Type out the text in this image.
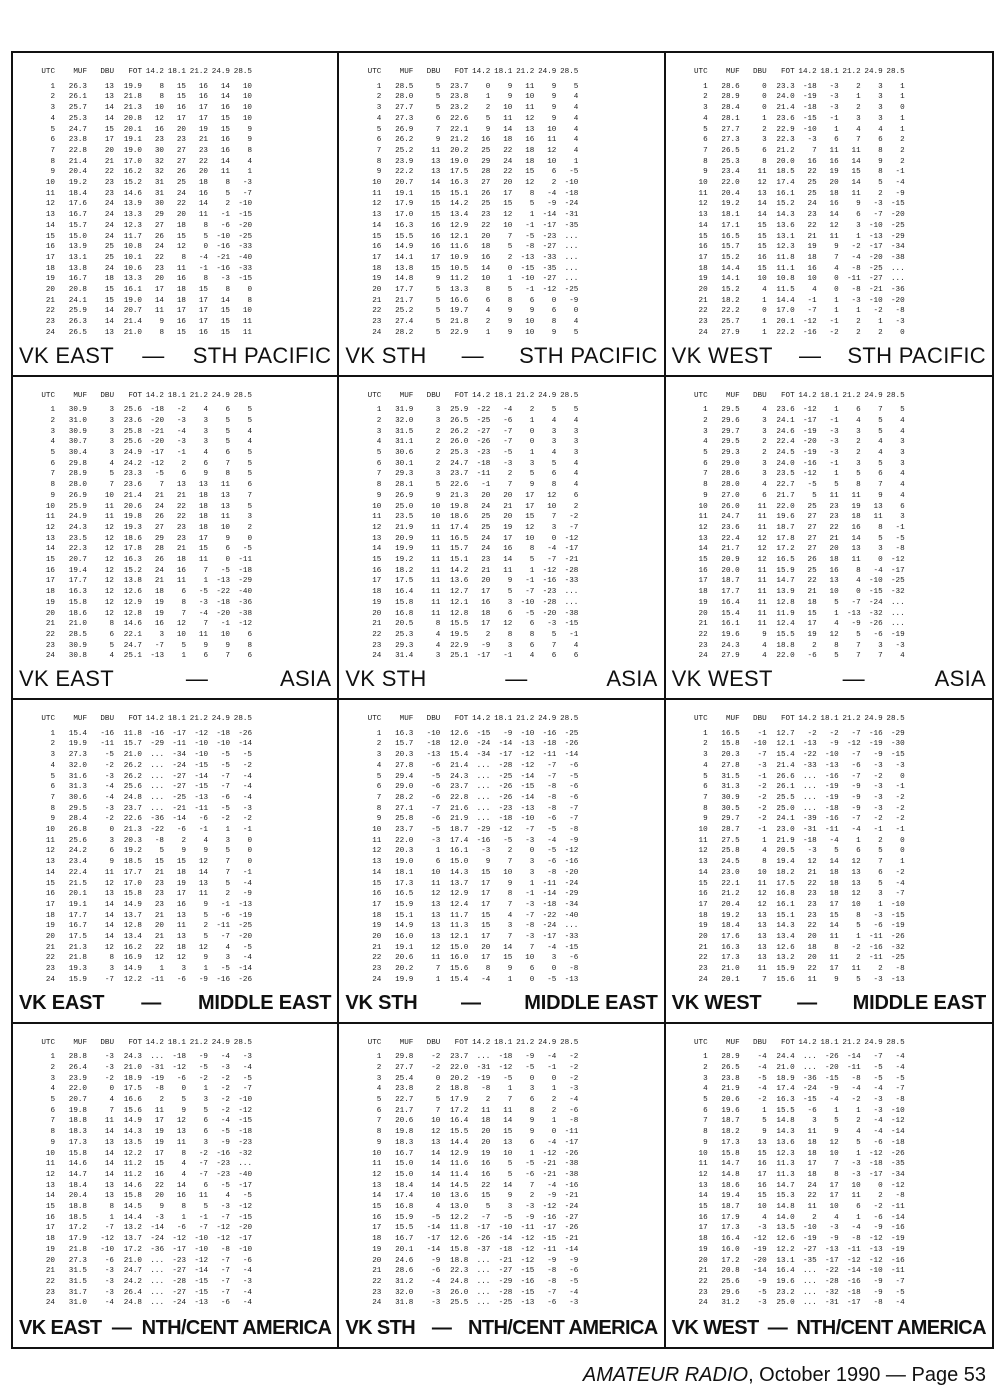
UTC	MUF	DBU	FOT	14.2	18.1	21.2	24.9	28.5
1	26.3	13	19.9	8	15	16	14	10
2	26.1	13	21.8	8	15	16	14	10
3	25.7	14	21.3	10	16	17	16	10
4	25.3	14	20.8	12	17	17	15	10
5	24.7	15	20.1	16	20	19	15	9
6	23.8	17	19.1	23	23	21	16	9
7	22.8	20	19.0	30	27	23	16	8
8	21.4	21	17.0	32	27	22	14	4
9	20.4	22	16.2	32	26	20	11	1
10	19.2	23	15.2	31	25	18	8	-3
11	18.4	23	14.6	31	24	16	5	-7
12	17.6	24	13.9	30	22	14	2	-10
13	16.7	24	13.3	29	20	11	-1	-15
14	15.7	24	12.3	27	18	8	-6	-20
15	15.0	24	11.7	26	15	5	-10	-25
16	13.9	25	10.8	24	12	0	-16	-33
17	13.1	25	10.1	22	8	-4	-21	-40
18	13.8	24	10.6	23	11	-1	-16	-33
19	16.7	18	13.3	20	16	8	-3	-15
20	20.8	15	16.1	17	18	15	8	0
21	24.1	15	19.0	14	18	17	14	8
22	25.9	14	20.7	11	17	17	15	10
23	26.3	14	21.4	9	16	17	15	11
24	26.5	13	21.0	8	15	16	15	11
VK EAST — STH PACIFIC
UTC	MUF	DBU	FOT	14.2	18.1	21.2	24.9	28.5
1	28.5	5	23.7	0	9	11	9	5
2	28.0	5	23.8	1	9	10	9	4
3	27.7	5	23.2	2	10	11	9	4
4	27.3	6	22.6	5	11	12	9	4
5	26.9	7	22.1	9	14	13	10	4
6	26.2	9	21.2	16	18	16	11	4
7	25.2	11	20.2	25	22	18	12	4
8	23.9	13	19.0	29	24	18	10	1
9	22.2	13	17.5	28	22	15	6	-5
10	20.7	14	16.3	27	20	12	2	-10
11	19.1	15	15.1	26	17	8	-4	-18
12	17.9	15	14.2	25	15	5	-9	-24
13	17.0	15	13.4	23	12	1	-14	-31
14	16.3	16	12.9	22	10	-1	-17	-35
15	15.5	16	12.1	20	7	-5	-23	...
16	14.9	16	11.6	18	5	-8	-27	...
17	14.1	17	10.9	16	2	-13	-33	...
18	13.8	15	10.5	14	0	-15	-35	...
19	14.8	9	11.2	10	1	-10	-27	...
20	17.7	5	13.3	8	5	-1	-12	-25
21	21.7	5	16.6	6	8	6	0	-9
22	25.2	5	19.7	4	9	9	6	0
23	27.4	5	21.8	2	9	10	8	4
24	28.2	5	22.9	1	9	10	9	5
VK STH — STH PACIFIC
UTC	MUF	DBU	FOT	14.2	18.1	21.2	24.9	28.5
1	28.6	0	23.3	-18	-3	2	3	1
2	28.9	0	24.0	-19	-3	1	3	1
3	28.4	0	21.4	-18	-3	2	3	0
4	28.1	1	23.6	-15	-1	3	3	1
5	27.7	2	22.9	-10	1	4	4	1
6	27.3	3	22.3	-3	6	7	6	2
7	26.5	6	21.2	7	11	11	8	2
8	25.3	8	20.0	16	16	14	9	2
9	23.4	11	18.5	22	19	15	8	-1
10	22.0	12	17.4	25	20	14	5	-4
11	20.4	13	16.1	25	18	11	2	-9
12	19.2	14	15.2	24	16	9	-3	-15
13	18.1	14	14.3	23	14	6	-7	-20
14	17.1	15	13.6	22	12	3	-10	-25
15	16.5	15	13.1	21	11	1	-13	-29
16	15.7	15	12.3	19	9	-2	-17	-34
17	15.2	16	11.8	18	7	-4	-20	-38
18	14.4	15	11.1	16	4	-8	-25	...
19	14.1	10	10.8	10	0	-11	-27	...
20	15.2	4	11.5	4	0	-8	-21	-36
21	18.2	1	14.4	-1	1	-3	-10	-20
22	22.2	0	17.0	-7	1	1	-2	-8
23	25.7	1	20.1	-12	-1	2	1	-3
24	27.9	1	22.2	-16	-2	2	2	0
VK WEST — STH PACIFIC
UTC	MUF	DBU	FOT	14.2	18.1	21.2	24.9	28.5
1	30.9	3	25.6	-18	-2	4	6	5
2	31.0	3	23.6	-20	-3	3	5	5
3	30.9	3	25.8	-21	-4	3	5	4
4	30.7	3	25.6	-20	-3	3	5	4
5	30.4	3	24.9	-17	-1	4	6	5
6	29.8	4	24.2	-12	2	6	7	5
7	28.9	5	23.3	-5	6	9	8	5
8	28.0	7	23.6	7	13	13	11	6
9	26.9	10	21.4	21	21	18	13	7
10	25.9	11	20.6	24	22	18	13	5
11	24.9	11	19.8	26	22	18	11	3
12	24.3	12	19.3	27	23	18	10	2
13	23.5	12	18.6	29	23	17	9	0
14	22.3	12	17.8	28	21	15	6	-5
15	20.7	12	16.3	26	18	11	0	-11
16	19.4	12	15.2	24	16	7	-5	-18
17	17.7	12	13.8	21	11	1	-13	-29
18	16.3	12	12.6	18	6	-5	-22	-40
19	15.8	12	12.9	19	8	-3	-18	-36
20	18.6	12	12.8	19	7	-4	-20	-38
21	21.0	8	14.6	16	12	7	-1	-12
22	28.5	6	22.1	3	10	11	10	6
23	30.9	5	24.7	-7	5	9	9	8
24	30.8	4	25.1	-13	1	6	7	6
VK EAST	—	ASIA
UTC	MUF	DBU	FOT	14.2	18.1	21.2	24.9	28.5
1	31.9	3	25.9	-22	-4	2	5	5
2	32.0	3	26.5	-25	-6	1	4	4
3	31.5	2	26.2	-27	-7	0	3	3
4	31.1	2	26.0	-26	-7	0	3	3
5	30.6	2	25.3	-23	-5	1	4	3
6	30.1	2	24.7	-18	-3	3	5	4
7	29.3	3	23.7	-11	2	5	6	4
8	28.1	5	22.6	-1	7	9	8	4
9	26.9	9	21.3	20	20	17	12	6
10	25.0	10	19.8	24	21	17	10	2
11	23.5	10	18.6	25	20	15	7	-2
12	21.9	11	17.4	25	19	12	3	-7
13	20.9	11	16.5	24	17	10	0	-12
14	19.9	11	15.7	24	16	8	-4	-17
15	19.2	11	15.1	23	14	5	-7	-21
16	18.2	11	14.2	21	11	1	-12	-28
17	17.5	11	13.6	20	9	-1	-16	-33
18	16.4	11	12.7	17	5	-7	-23	...
19	15.8	11	12.1	16	3	-10	-28	...
20	16.8	11	12.8	18	6	-5	-20	-38
21	20.5	8	15.5	17	12	6	-3	-15
22	25.3	4	19.5	2	8	8	5	-1
23	29.3	4	22.9	-9	3	6	7	4
24	31.4	3	25.1	-17	-1	4	6	6
VK STH	—	ASIA
UTC	MUF	DBU	FOT	14.2	18.1	21.2	24.9	28.5
1	29.5	4	23.6	-12	1	6	7	5
2	29.6	3	24.1	-17	-1	4	5	4
3	29.7	3	24.6	-19	-3	3	5	4
4	29.5	2	22.4	-20	-3	2	4	3
5	29.3	2	24.5	-19	-3	2	4	3
6	29.0	3	24.0	-16	-1	3	5	3
7	28.6	3	23.5	-12	1	5	6	4
8	28.0	4	22.7	-5	5	8	7	4
9	27.0	6	21.7	5	11	11	9	4
10	26.0	11	22.0	25	23	19	13	6
11	24.7	11	19.6	27	23	18	11	3
12	23.6	11	18.7	27	22	16	8	-1
13	22.4	12	17.8	27	21	14	5	-5
14	21.7	12	17.2	27	20	13	3	-8
15	20.9	12	16.5	26	18	11	0	-12
16	20.0	11	15.9	25	16	8	-4	-17
17	18.7	11	14.7	22	13	4	-10	-25
18	17.7	11	13.9	21	10	0	-15	-32
19	16.4	11	12.8	18	5	-7	-24	...
20	15.4	11	11.9	15	1	-13	-32	...
21	16.1	11	12.4	17	4	-9	-26	...
22	19.6	9	15.5	19	12	5	-6	-19
23	24.3	4	18.8	2	8	7	3	-3
24	27.9	4	22.0	-6	5	7	7	4
VK WEST	—	ASIA
UTC	MUF	DBU	FOT	14.2	18.1	21.2	24.9	28.5
1	15.4	-16	11.8	-16	-17	-12	-18	-26
2	19.9	-11	15.7	-29	-11	-10	-10	-14
3	27.3	-5	21.0	...	-34	-10	-5	-5
4	32.0	-2	26.2	...	-24	-15	-5	-2
5	31.6	-3	26.2	...	-27	-14	-7	-4
6	31.3	-4	25.6	...	-27	-15	-7	-4
7	30.6	-4	24.8	...	-25	-13	-6	-4
8	29.5	-3	23.7	...	-21	-11	-5	-3
9	28.4	-2	22.6	-36	-14	-6	-2	-2
10	26.8	0	21.3	-22	-6	-1	1	-1
11	25.6	3	20.3	-8	2	4	3	0
12	24.2	6	19.2	5	9	9	5	0
13	23.4	9	18.5	15	15	12	7	0
14	22.4	11	17.7	21	18	14	7	-1
15	21.5	12	17.0	23	19	13	5	-4
16	20.1	13	15.8	23	17	11	2	-9
17	19.1	14	14.9	23	16	9	-1	-13
18	17.7	14	13.7	21	13	5	-6	-19
19	16.7	14	12.8	20	11	2	-11	-25
20	17.5	14	13.4	21	13	5	-7	-20
21	21.3	12	16.2	22	18	12	4	-5
22	21.8	8	16.9	12	12	9	3	-4
23	19.3	3	14.9	1	3	1	-5	-14
24	15.9	-7	12.2	-11	-6	-9	-16	-26
VK EAST — MIDDLE EAST
UTC	MUF	DBU	FOT	14.2	18.1	21.2	24.9	28.5
1	16.3	-10	12.6	-15	-9	-10	-16	-25
2	15.7	-18	12.0	-24	-14	-13	-18	-26
3	20.3	-13	15.4	-34	-17	-12	-11	-14
4	27.8	-6	21.4	...	-28	-12	-7	-6
5	29.4	-5	24.3	...	-25	-14	-7	-5
6	29.0	-6	23.7	...	-26	-15	-8	-6
7	28.2	-6	22.8	...	-26	-14	-8	-6
8	27.1	-7	21.6	...	-23	-13	-8	-7
9	25.8	-6	21.9	...	-18	-10	-6	-7
10	23.7	-5	18.7	-29	-12	-7	-5	-8
11	22.0	-3	17.4	-16	-5	-3	-4	-9
12	20.3	1	16.1	-3	2	0	-5	-12
13	19.0	6	15.0	9	7	3	-6	-16
14	18.1	10	14.3	15	10	3	-8	-20
15	17.3	11	13.7	17	9	1	-11	-24
16	16.5	12	12.9	17	8	-1	-14	-29
17	15.9	13	12.4	17	7	-3	-18	-34
18	15.1	13	11.7	15	4	-7	-22	-40
19	14.9	13	11.3	15	3	-8	-24	...
20	16.0	13	12.1	17	7	-3	-17	-33
21	19.1	12	15.0	20	14	7	-4	-15
22	20.6	11	16.0	17	15	10	3	-6
23	20.2	7	15.6	8	9	6	0	-8
24	19.9	1	15.4	-4	1	0	-5	-13
VK STH — MIDDLE EAST
UTC	MUF	DBU	FOT	14.2	18.1	21.2	24.9	28.5
1	16.5	-1	12.7	-2	-2	-7	-16	-29
2	15.8	-10	12.1	-13	-9	-12	-19	-30
3	20.3	-7	15.4	-22	-10	-7	-9	-15
4	27.8	-3	21.4	-33	-13	-6	-3	-3
5	31.5	-1	26.6	...	-16	-7	-2	0
6	31.3	-2	26.1	...	-19	-9	-3	-1
7	30.9	-2	25.5	...	-19	-9	-3	-2
8	30.5	-2	25.0	...	-18	-9	-3	-2
9	29.7	-2	24.1	-39	-16	-7	-2	-2
10	28.7	-1	23.0	-31	-11	-4	-1	-1
11	27.5	1	21.9	-18	-4	1	2	0
12	25.8	4	20.5	-3	5	6	5	0
13	24.5	8	19.4	12	14	12	7	1
14	23.0	10	18.2	21	18	13	6	-2
15	22.1	11	17.5	22	18	13	5	-4
16	21.2	12	16.8	23	18	12	3	-7
17	20.4	12	16.1	23	17	10	1	-10
18	19.2	13	15.1	23	15	8	-3	-15
19	18.4	13	14.3	22	14	5	-6	-19
20	17.6	13	13.4	20	11	1	-11	-26
21	16.3	13	12.6	18	8	-2	-16	-32
22	17.3	13	13.2	20	11	2	-11	-25
23	21.0	11	15.9	22	17	11	2	-8
24	20.1	7	15.6	11	9	5	-3	-13
VK WEST — MIDDLE EAST
UTC	MUF	DBU	FOT	14.2	18.1	21.2	24.9	28.5
1	28.8	-3	24.3	...	-18	-9	-4	-3
2	26.4	-3	21.0	-31	-12	-5	-3	-4
3	23.9	-2	18.9	-19	-6	-2	-2	-5
4	22.0	0	17.5	-8	0	1	-2	-7
5	20.7	4	16.6	2	5	3	-2	-10
6	19.8	7	15.6	11	9	5	-2	-12
7	18.8	11	14.9	17	12	6	-4	-15
8	18.3	14	14.3	19	13	6	-5	-18
9	17.3	13	13.5	19	11	3	-9	-23
10	15.8	14	12.2	17	8	-2	-16	-32
11	14.6	14	11.2	15	4	-7	-23	...
12	14.7	14	11.2	16	4	-7	-23	-40
13	18.4	13	14.6	22	14	6	-5	-17
14	20.4	13	15.8	20	16	11	4	-5
15	18.8	8	14.5	9	8	5	-3	-12
16	18.5	1	14.4	-3	1	-1	-7	-15
17	17.2	-7	13.2	-14	-6	-7	-12	-20
18	17.9	-12	13.7	-24	-12	-10	-12	-17
19	21.8	-10	17.2	-36	-17	-10	-8	-10
20	27.3	-6	21.0	...	-23	-12	-7	-6
21	31.5	-3	24.7	...	-27	-14	-7	-4
22	31.5	-3	24.2	...	-28	-15	-7	-3
23	31.7	-3	26.4	...	-27	-15	-7	-4
24	31.0	-4	24.8	...	-24	-13	-6	-4
VK EAST — NTH/CENT AMERICA
UTC	MUF	DBU	FOT	14.2	18.1	21.2	24.9	28.5
1	29.8	-2	23.7	...	-18	-9	-4	-2
2	27.7	-2	22.0	-31	-12	-5	-1	-2
3	25.4	0	20.2	-19	-5	0	0	-2
4	23.8	2	18.8	-8	1	3	1	-3
5	22.7	5	17.9	2	7	6	2	-4
6	21.7	7	17.2	11	11	8	2	-6
7	20.6	10	16.4	18	14	9	1	-8
8	19.8	12	15.5	20	15	9	0	-11
9	18.3	13	14.4	20	13	6	-4	-17
10	16.7	14	12.9	19	10	1	-12	-26
11	15.0	14	11.6	16	5	-5	-21	-38
12	15.0	14	11.4	16	5	-6	-21	-38
13	18.4	14	14.5	22	14	7	-4	-16
14	17.4	10	13.6	15	9	2	-9	-21
15	16.8	4	13.0	5	3	-3	-12	-24
16	15.9	-5	12.2	-7	-5	-9	-16	-27
17	15.5	-14	11.8	-17	-10	-11	-17	-26
18	16.7	-17	12.6	-26	-14	-12	-15	-21
19	20.1	-14	15.8	-37	-18	-12	-11	-14
20	24.6	-9	18.8	...	-21	-12	-9	-9
21	28.6	-6	22.3	...	-27	-15	-8	-6
22	31.2	-4	24.8	...	-29	-16	-8	-5
23	32.0	-3	26.0	...	-28	-15	-7	-4
24	31.8	-3	25.5	...	-25	-13	-6	-3
VK STH — NTH/CENT AMERICA
UTC	MUF	DBU	FOT	14.2	18.1	21.2	24.9	28.5
1	28.9	-4	24.4	...	-26	-14	-7	-4
2	26.5	-4	21.0	...	-20	-11	-5	-4
3	23.8	-5	18.9	-36	-15	-8	-5	-5
4	21.9	-4	17.4	-24	-9	-4	-4	-7
5	20.6	-2	16.3	-15	-4	-2	-3	-8
6	19.6	1	15.5	-6	1	1	-3	-10
7	18.7	5	14.8	3	5	2	-4	-12
8	18.2	9	14.3	11	9	4	-4	-14
9	17.3	13	13.6	18	12	5	-6	-18
10	15.8	15	12.3	18	10	1	-12	-26
11	14.7	16	11.3	17	7	-3	-18	-35
12	14.8	17	11.3	18	8	-3	-17	-34
13	18.6	16	14.7	24	17	10	0	-12
14	19.4	15	15.3	22	17	11	2	-8
15	18.7	10	14.8	11	10	6	-2	-11
16	17.9	4	14.0	2	4	1	-6	-14
17	17.3	-3	13.5	-10	-3	-4	-9	-16
18	16.4	-12	12.6	-19	-9	-8	-12	-19
19	16.0	-19	12.2	-27	-13	-11	-13	-19
20	17.2	-20	13.1	-35	-17	-12	-12	-16
21	20.8	-14	16.4	...	-22	-14	-10	-11
22	25.6	-9	19.6	...	-28	-16	-9	-7
23	29.6	-5	23.2	...	-32	-18	-9	-5
24	31.2	-3	25.0	...	-31	-17	-8	-4
VK WEST — NTH/CENT AMERICA
AMATEUR RADIO, October 1990 — Page 53
